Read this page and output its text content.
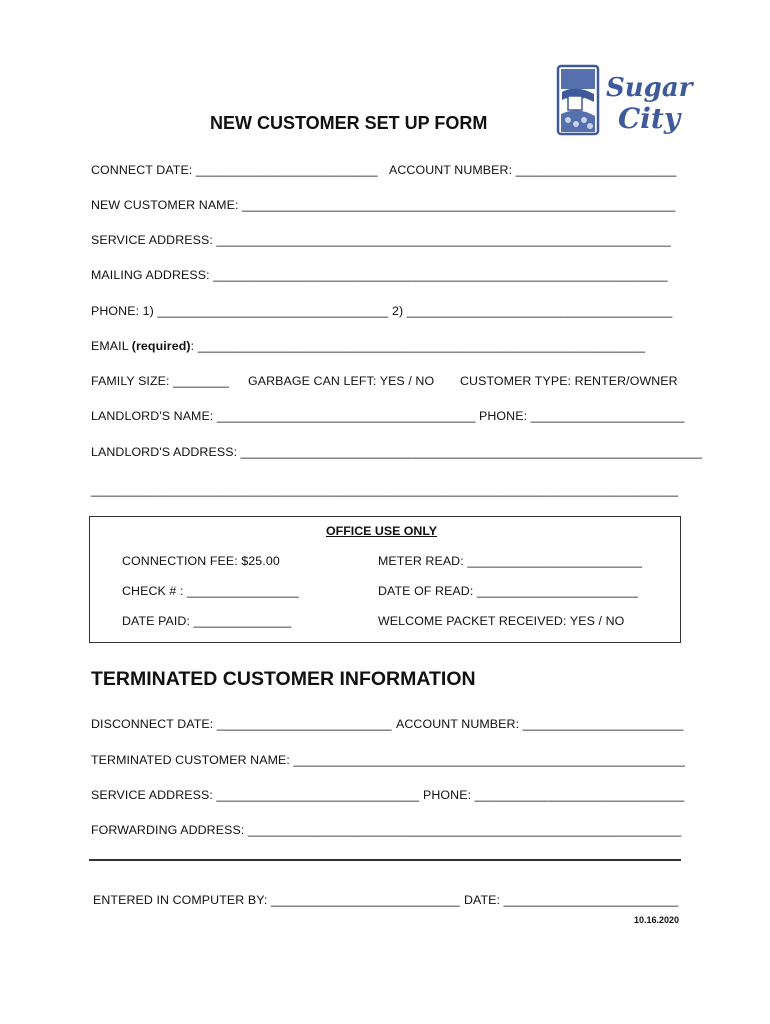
Sugar
City
NEW CUSTOMER SET UP FORM
CONNECT DATE: __________________________ ACCOUNT NUMBER: _______________________
NEW CUSTOMER NAME: ______________________________________________________________
SERVICE ADDRESS: _________________________________________________________________
MAILING ADDRESS: _________________________________________________________________
PHONE: 1) _________________________________ 2) ______________________________________
EMAIL (required): ________________________________________________________________
FAMILY SIZE: ________ GARBAGE CAN LEFT: YES / NO CUSTOMER TYPE: RENTER/OWNER
LANDLORD'S NAME: _____________________________________ PHONE: ______________________
LANDLORD'S ADDRESS: __________________________________________________________________
____________________________________________________________________________________
OFFICE USE ONLY
CONNECTION FEE: $25.00	METER READ: _________________________
CHECK # : ________________	DATE OF READ: _______________________
DATE PAID: ______________	WELCOME PACKET RECEIVED: YES / NO
TERMINATED CUSTOMER INFORMATION
DISCONNECT DATE: _________________________ ACCOUNT NUMBER: _______________________
TERMINATED CUSTOMER NAME: ________________________________________________________
SERVICE ADDRESS: _____________________________ PHONE: ______________________________
FORWARDING ADDRESS: ______________________________________________________________
ENTERED IN COMPUTER BY: ___________________________ DATE: _________________________
10.16.2020
